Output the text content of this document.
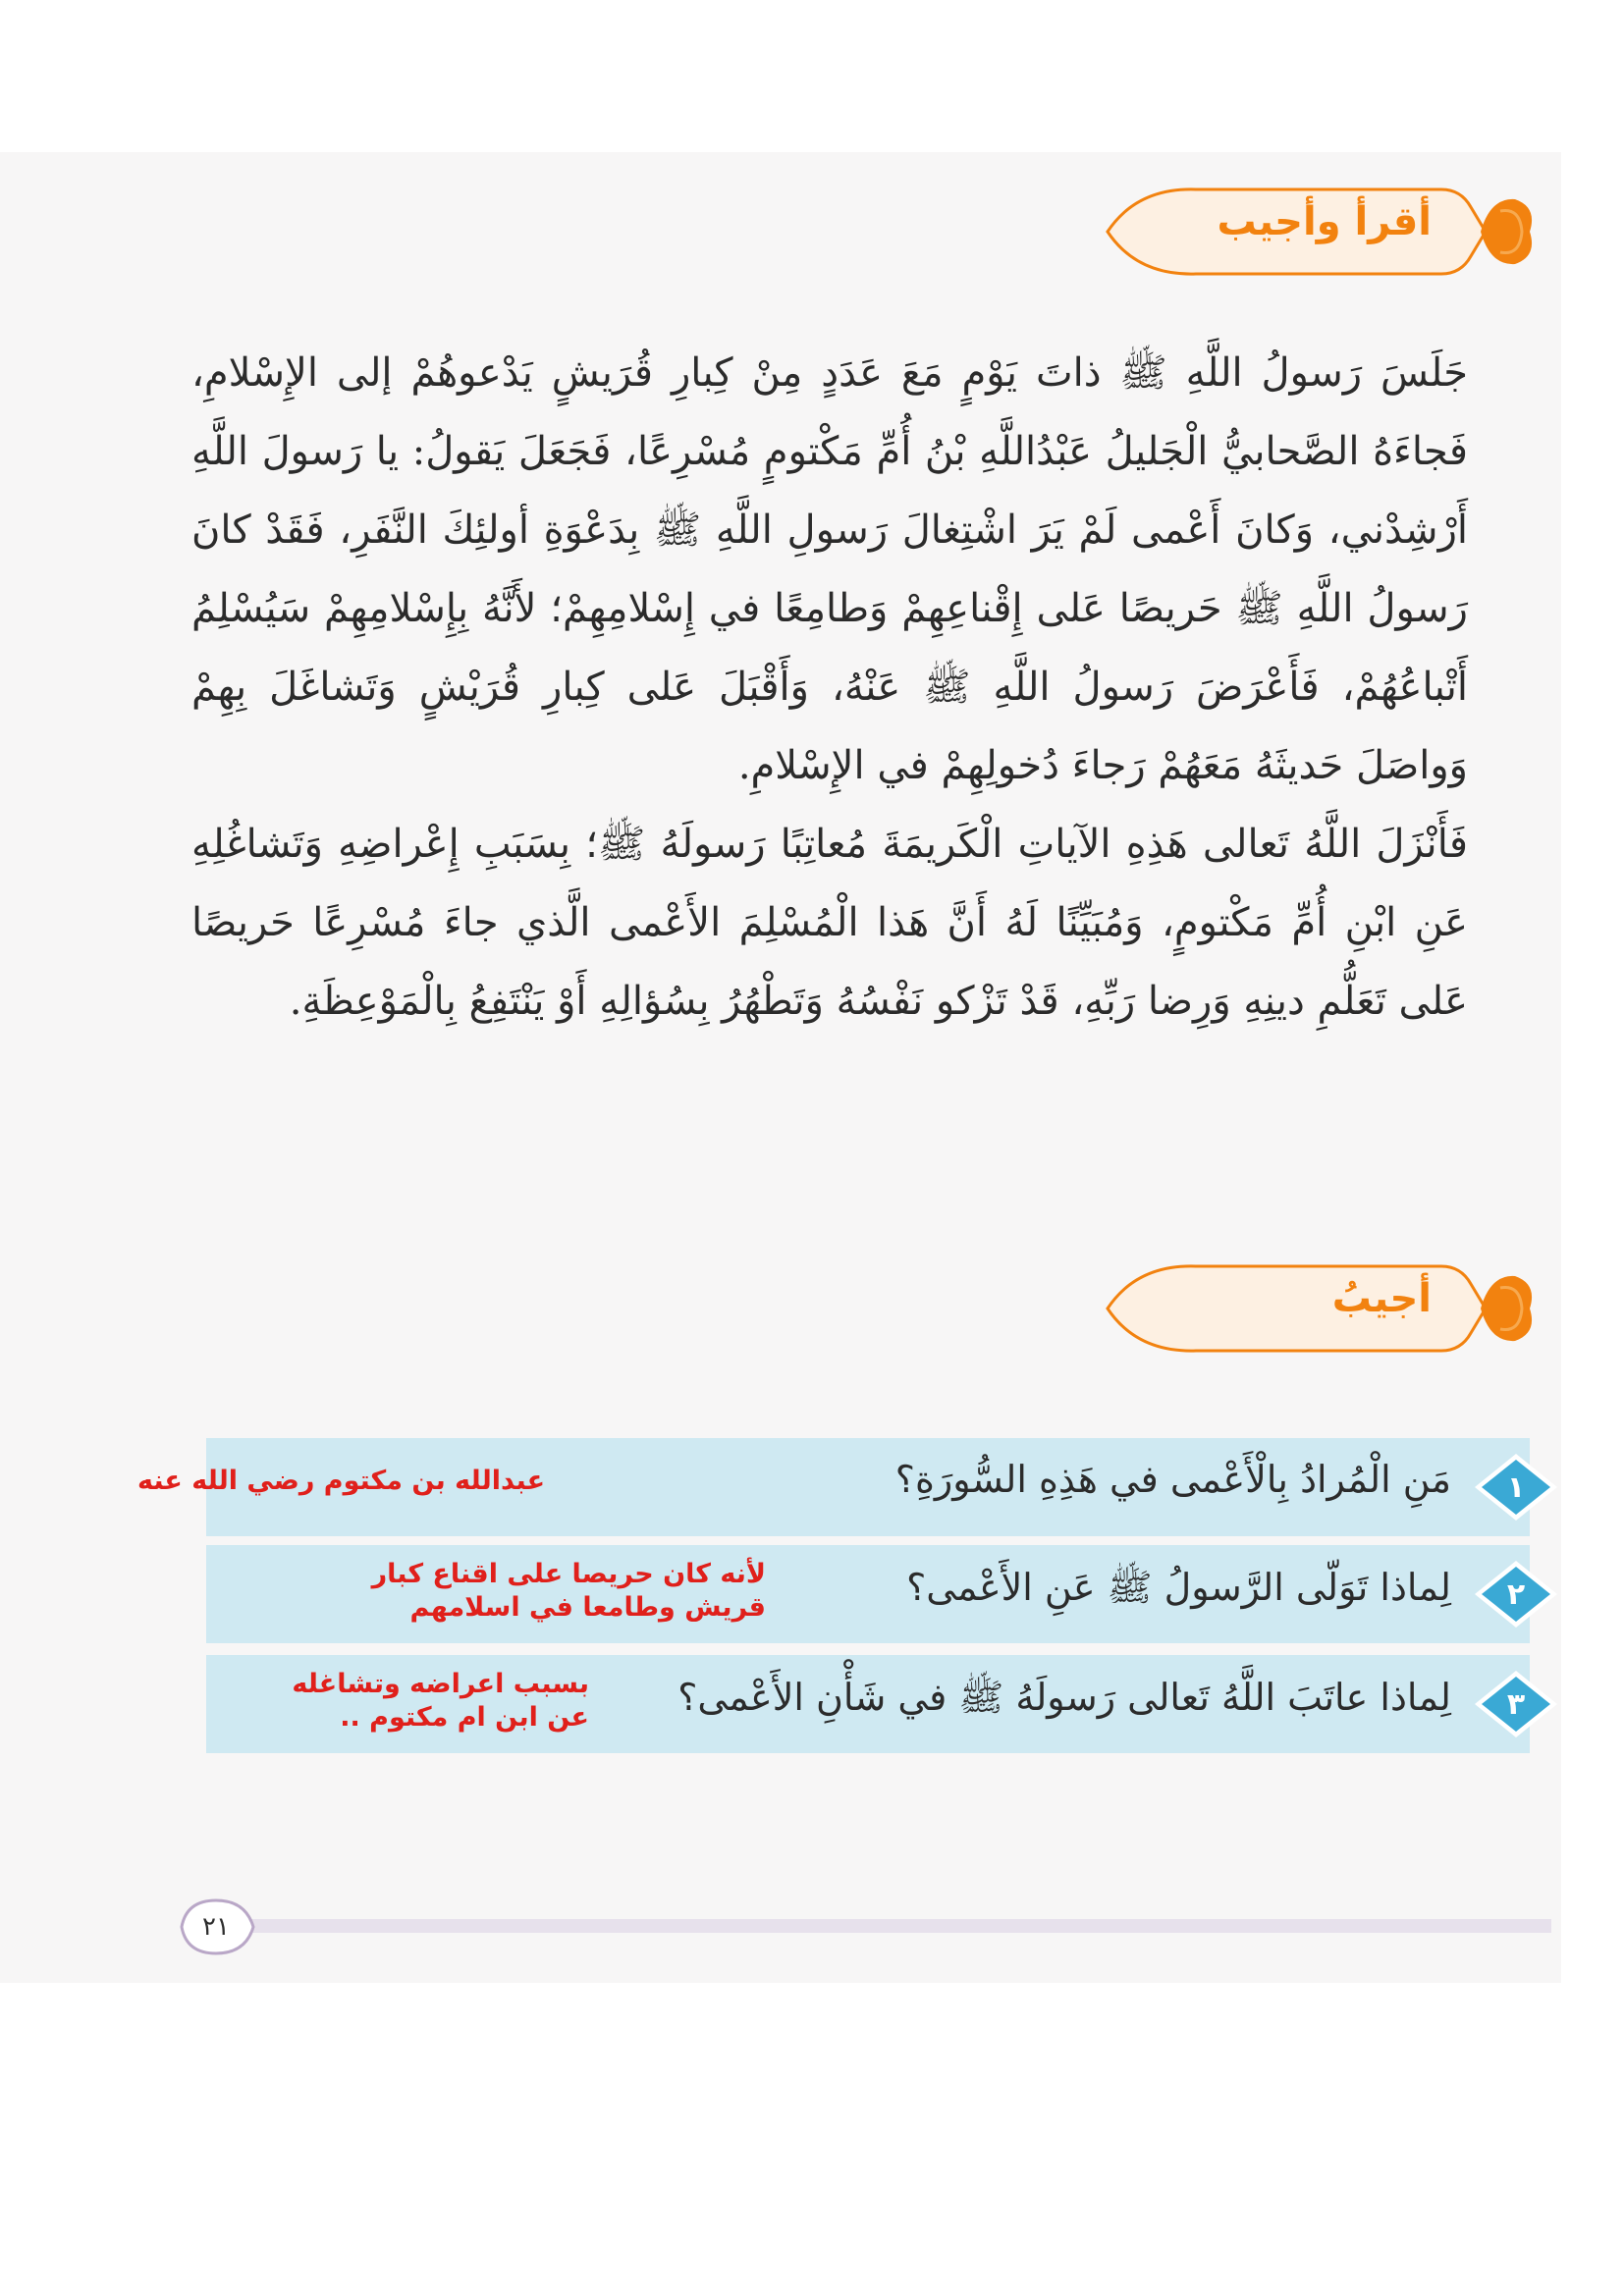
أقرأ وأجيب

جَلَسَ رَسولُ اللَّهِ ﷺ ذاتَ يَوْمٍ مَعَ عَدَدٍ مِنْ كِبارِ قُرَيشٍ يَدْعوهُمْ إلى الإِسْلامِ، فَجاءَهُ الصَّحابيُّ الْجَليلُ عَبْدُاللَّهِ بْنُ أُمِّ مَكْتومٍ مُسْرِعًا، فَجَعَلَ يَقولُ: يا رَسولَ اللَّهِ أَرْشِدْني، وَكانَ أَعْمى لَمْ يَرَ اشْتِغالَ رَسولِ اللَّهِ ﷺ بِدَعْوَةِ أولئِكَ النَّفَرِ، فَقَدْ كانَ رَسولُ اللَّهِ ﷺ حَريصًا عَلى إِقْناعِهِمْ وَطامِعًا في إِسْلامِهِمْ؛ لأَنَّهُ بِإِسْلامِهِمْ سَيُسْلِمُ أَتْباعُهُمْ، فَأَعْرَضَ رَسولُ اللَّهِ ﷺ عَنْهُ، وَأَقْبَلَ عَلى كِبارِ قُرَيْشٍ وَتَشاغَلَ بِهِمْ وَواصَلَ حَديثَهُ مَعَهُمْ رَجاءَ دُخولِهِمْ في الإِسْلامِ.

فَأَنْزَلَ اللَّهُ تَعالى هَذِهِ الآياتِ الْكَريمَةَ مُعاتِبًا رَسولَهُ ﷺ؛ بِسَبَبِ إِعْراضِهِ وَتَشاغُلِهِ عَنِ ابْنِ أُمِّ مَكْتومٍ، وَمُبَيِّنًا لَهُ أَنَّ هَذا الْمُسْلِمَ الأَعْمى الَّذي جاءَ مُسْرِعًا حَريصًا عَلى تَعَلُّمِ دينِهِ وَرِضا رَبِّهِ، قَدْ تَزْكو نَفْسُهُ وَتَطْهُرُ بِسُؤالِهِ أَوْ يَنْتَفِعُ بِالْمَوْعِظَةِ.

أجيبُ
١
مَنِ الْمُرادُ بِالْأَعْمى في هَذِهِ السُّورَةِ؟
عبدالله بن مكتوم رضي الله عنه
٢
لِماذا تَوَلّى الرَّسولُ ﷺ عَنِ الأَعْمى؟
لأنه كان حريصا على اقناع كبار قريش وطامعا في اسلامهم
٣
لِماذا عاتَبَ اللَّهُ تَعالى رَسولَهُ ﷺ في شَأْنِ الأَعْمى؟
بسبب اعراضه وتشاغله عن ابن ام مكتوم ..
٢١
